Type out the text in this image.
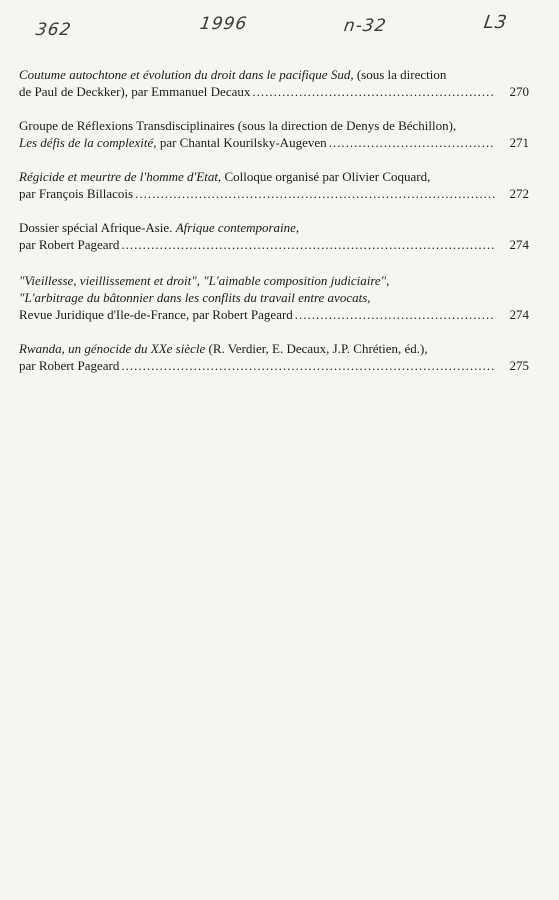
362	1996	n-32	L3
Coutume autochtone et évolution du droit dans le pacifique Sud, (sous la direction
de Paul de Deckker), par Emmanuel Decaux .....	270
Groupe de Réflexions Transdisciplinaires (sous la direction de Denys de Béchillon),
Les défis de la complexité, par Chantal Kourilsky-Augeven .....	271
Régicide et meurtre de l'homme d'Etat, Colloque organisé par Olivier Coquard,
par François Billacois .....	272
Dossier spécial Afrique-Asie. Afrique contemporaine,
par Robert Pageard .....	274
"Vieillesse, vieillissement et droit", "L'aimable composition judiciaire",
"L'arbitrage du bâtonnier dans les conflits du travail entre avocats,
Revue Juridique d'Ile-de-France, par Robert Pageard .....	274
Rwanda, un génocide du XXe siècle (R. Verdier, E. Decaux, J.P. Chrétien, éd.),
par Robert Pageard .....	275
